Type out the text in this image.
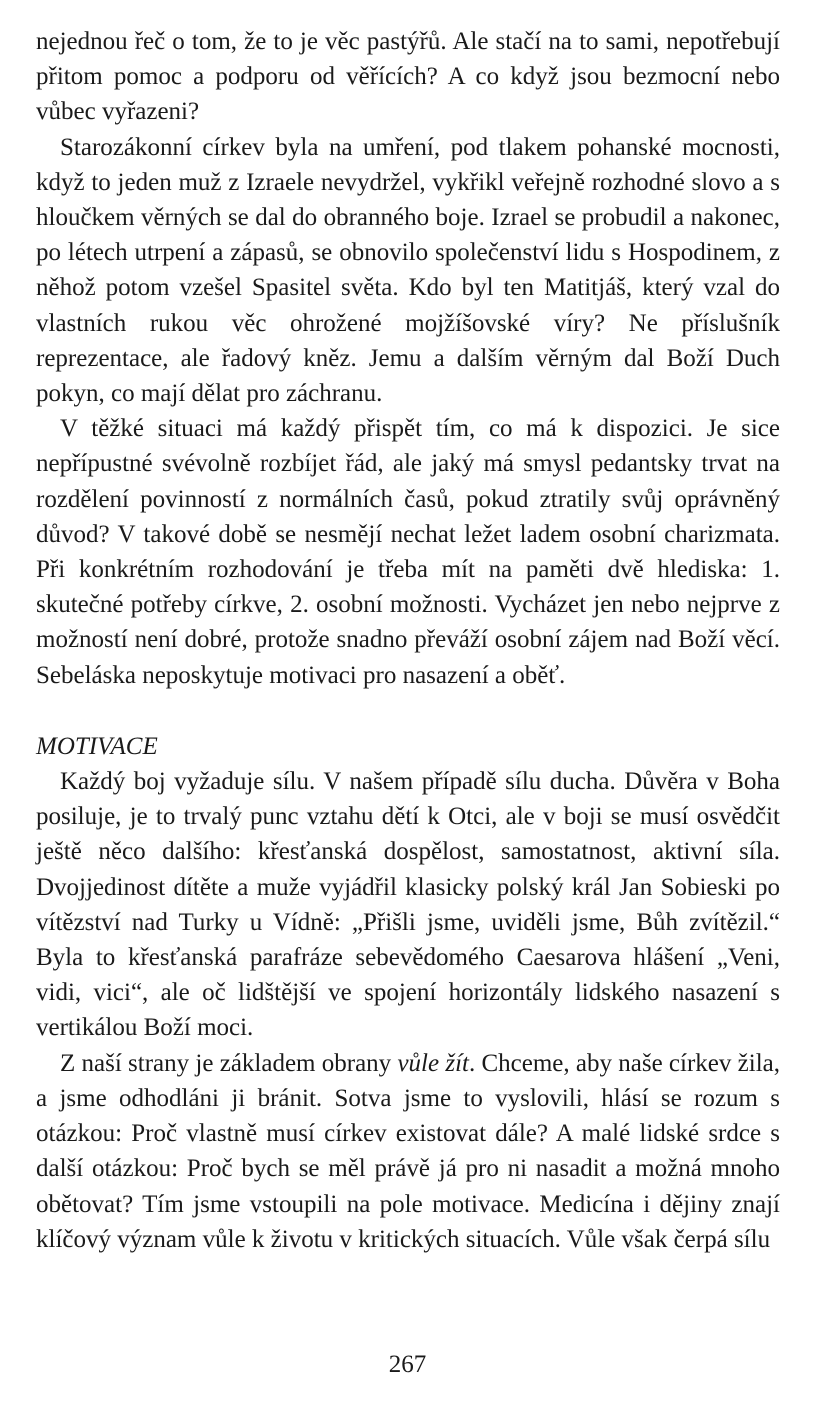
nejednou řeč o tom, že to je věc pastýřů. Ale stačí na to sami, nepotřebují přitom pomoc a podporu od věřících? A co když jsou bezmocní nebo vůbec vyřazeni?

Starozákonní církev byla na umření, pod tlakem pohanské mocnosti, když to jeden muž z Izraele nevydržel, vykřikl veřejně rozhodné slovo a s hloučkem věrných se dal do obranného boje. Izrael se probudil a nakonec, po létech utrpení a zápasů, se obnovilo společenství lidu s Hospodinem, z něhož potom vzešel Spasitel světa. Kdo byl ten Matitjáš, který vzal do vlastních rukou věc ohrožené mojžíšovské víry? Ne příslušník reprezentace, ale řadový kněz. Jemu a dalším věrným dal Boží Duch pokyn, co mají dělat pro záchranu.

V těžké situaci má každý přispět tím, co má k dispozici. Je sice nepřípustné svévolně rozbíjet řád, ale jaký má smysl pedantsky trvat na rozdělení povinností z normálních časů, pokud ztratily svůj oprávněný důvod? V takové době se nesmějí nechat ležet ladem osobní charizmata. Při konkrétním rozhodování je třeba mít na paměti dvě hlediska: 1. skutečné potřeby církve, 2. osobní možnosti. Vycházet jen nebo nejprve z možností není dobré, protože snadno převáží osobní zájem nad Boží věcí. Sebeláska neposkytuje motivaci pro nasazení a oběť.

MOTIVACE

Každý boj vyžaduje sílu. V našem případě sílu ducha. Důvěra v Boha posiluje, je to trvalý punc vztahu dětí k Otci, ale v boji se musí osvědčit ještě něco dalšího: křesťanská dospělost, samostatnost, aktivní síla. Dvojjedinost dítěte a muže vyjádřil klasicky polský král Jan Sobieski po vítězství nad Turky u Vídně: „Přišli jsme, uviděli jsme, Bůh zvítězil.“ Byla to křesťanská parafráze sebevědomého Caesarova hlášení „Veni, vidi, vici“, ale oč lidštější ve spojení horizontály lidského nasazení s vertikálou Boží moci.

Z naší strany je základem obrany vůle žít. Chceme, aby naše církev žila, a jsme odhodláni ji bránit. Sotva jsme to vyslovili, hlásí se rozum s otázkou: Proč vlastně musí církev existovat dále? A malé lidské srdce s další otázkou: Proč bych se měl právě já pro ni nasadit a možná mnoho obětovat? Tím jsme vstoupili na pole motivace. Medicína i dějiny znají klíčový význam vůle k životu v kritických situacích. Vůle však čerpá sílu

267
